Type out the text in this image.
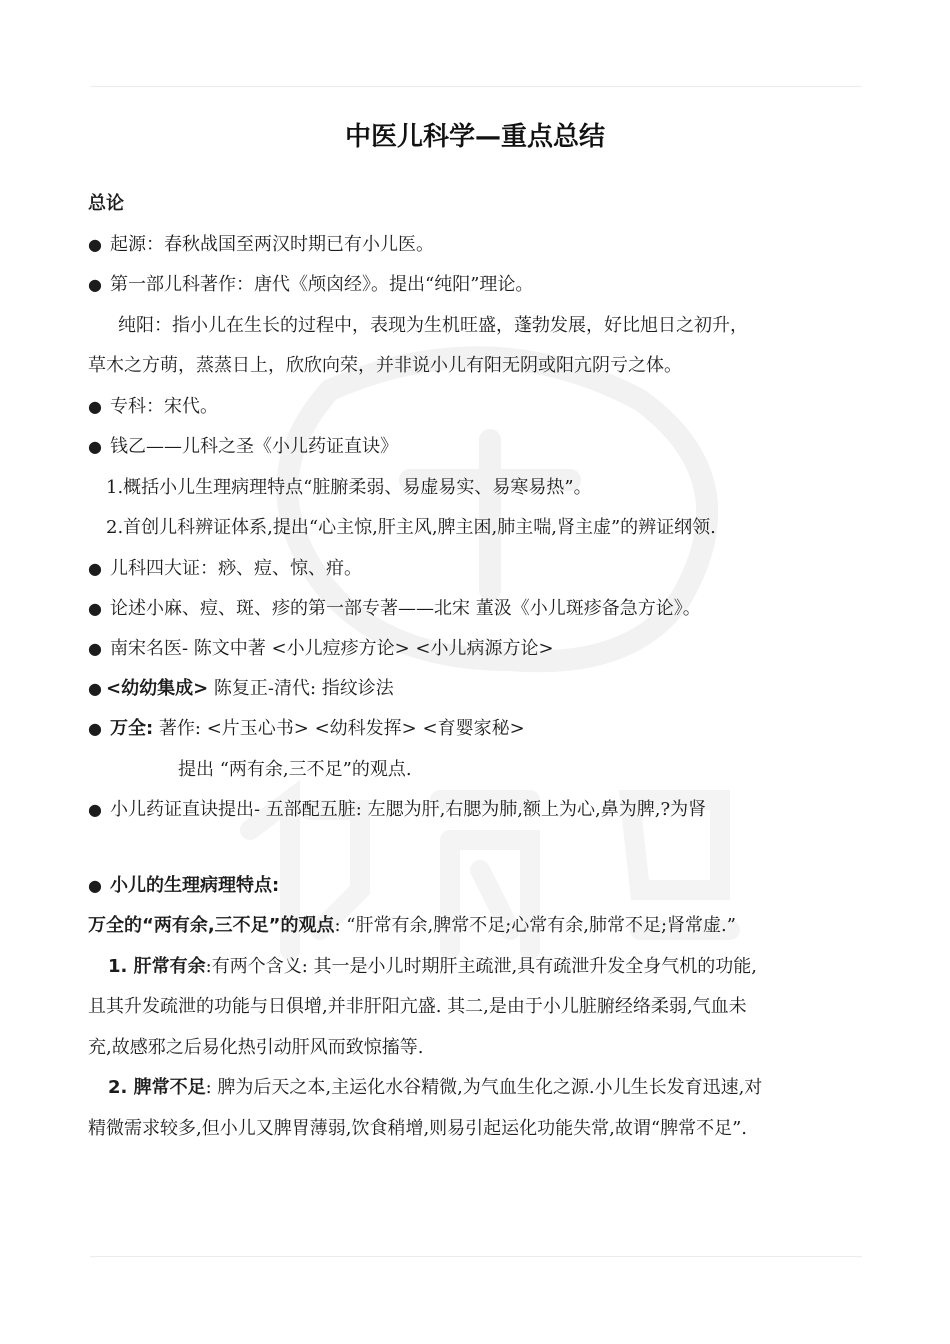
中医儿科学—重点总结
总论
● 起源：春秋战国至两汉时期已有小儿医。
● 第一部儿科著作：唐代《颅囟经》。提出“纯阳”理论。
纯阳：指小儿在生长的过程中，表现为生机旺盛，蓬勃发展，好比旭日之初升，
草木之方萌，蒸蒸日上，欣欣向荣，并非说小儿有阳无阴或阳亢阴亏之体。
● 专科：宋代。
● 钱乙——儿科之圣《小儿药证直诀》
1.概括小儿生理病理特点“脏腑柔弱、易虚易实、易寒易热”。
2.首创儿科辨证体系,提出“心主惊,肝主风,脾主困,肺主喘,肾主虚”的辨证纲领.
● 儿科四大证：痧、痘、惊、疳。
● 论述小麻、痘、斑、疹的第一部专著——北宋 董汲《小儿斑疹备急方论》。
● 南宋名医- 陈文中著 <小儿痘疹方论> <小儿病源方论>
● <幼幼集成> 陈复正-清代: 指纹诊法
● 万全: 著作: <片玉心书> <幼科发挥> <育婴家秘>
提出 “两有余,三不足”的观点.
● 小儿药证直诀提出- 五部配五脏: 左腮为肝,右腮为肺,额上为心,鼻为脾,?为肾
● 小儿的生理病理特点:
万全的“两有余,三不足”的观点: “肝常有余,脾常不足;心常有余,肺常不足;肾常虚.”
1. 肝常有余:有两个含义: 其一是小儿时期肝主疏泄,具有疏泄升发全身气机的功能,
且其升发疏泄的功能与日俱增,并非肝阳亢盛. 其二,是由于小儿脏腑经络柔弱,气血未
充,故感邪之后易化热引动肝风而致惊搐等.
2. 脾常不足: 脾为后天之本,主运化水谷精微,为气血生化之源.小儿生长发育迅速,对
精微需求较多,但小儿又脾胃薄弱,饮食稍增,则易引起运化功能失常,故谓“脾常不足”.
